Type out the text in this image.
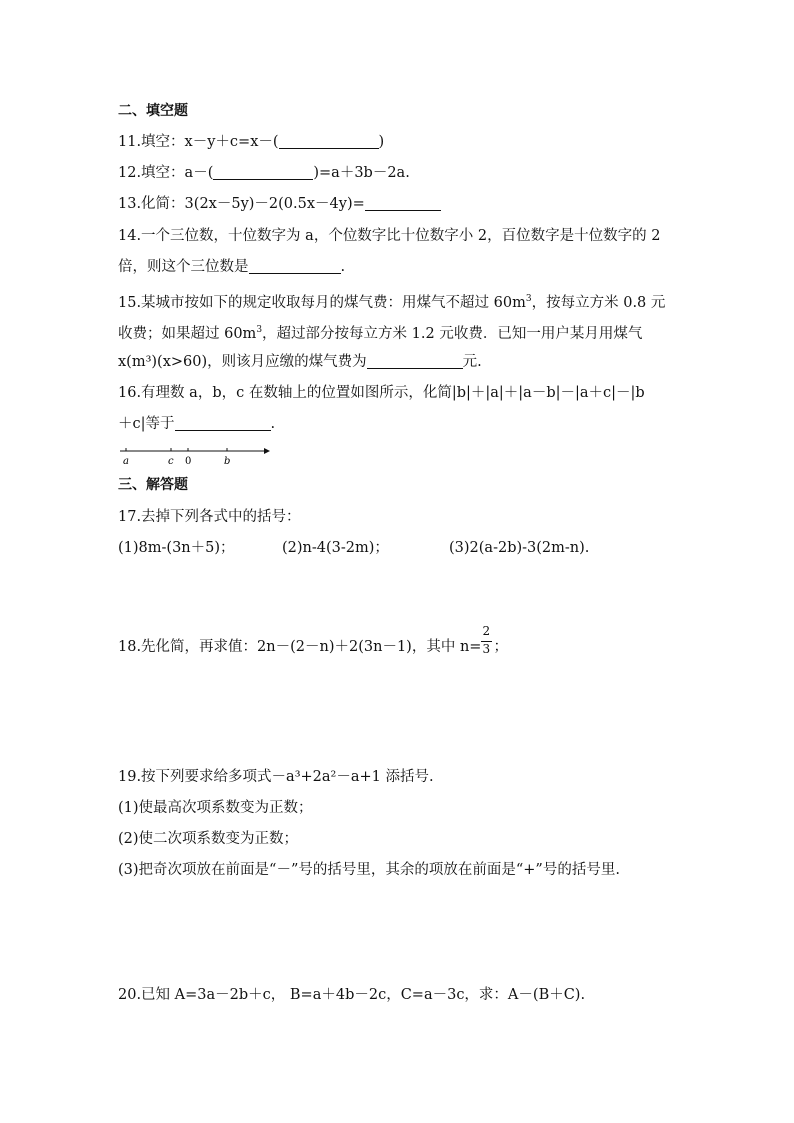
二、填空题
11.填空：x－y＋c=x－(	)
12.填空：a－(	)=a＋3b－2a.
13.化简：3(2x－5y)－2(0.5x－4y)=
14.一个三位数，十位数字为 a，个位数字比十位数字小 2，百位数字是十位数字的 2
倍，则这个三位数是	.
15.某城市按如下的规定收取每月的煤气费：用煤气不超过 $60m^3$，按每立方米 0.8 元
收费；如果超过 $60m^3$，超过部分按每立方米 1.2 元收费．已知一用户某月用煤气
x(m³)(x>60)，则该月应缴的煤气费为	元.
16.有理数 a，b，c 在数轴上的位置如图所示，化简|b|＋|a|＋|a－b|－|a＋c|－|b
＋c|等于	.
a	c 0	b
三、解答题
17.去掉下列各式中的括号：
(1)8m-(3n＋5)；	(2)n-4(3-2m)；	(3)2(a-2b)-3(2m-n).
18.先化简，再求值：2n－(2－n)＋2(3n－1)，其中 $n= \frac{2}{3}$ ；
19.按下列要求给多项式－a³+2a²－a+1 添括号.
(1)使最高次项系数变为正数；
(2)使二次项系数变为正数；
(3)把奇次项放在前面是“－”号的括号里，其余的项放在前面是“+”号的括号里.
20.已知 A=3a－2b＋c， B=a＋4b－2c，C=a－3c，求：A－(B＋C).
